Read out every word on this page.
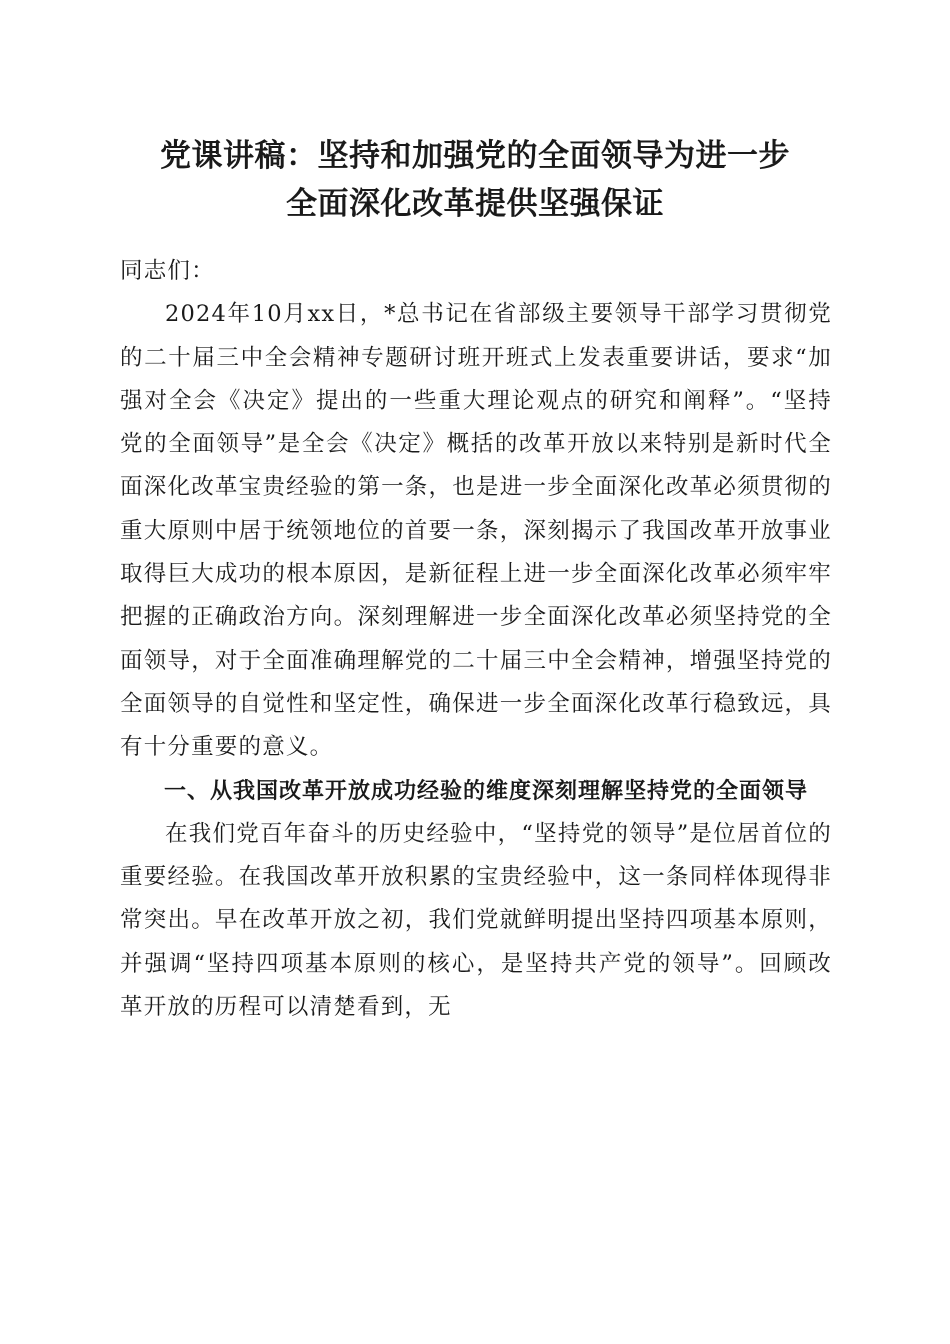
党课讲稿：坚持和加强党的全面领导为进一步
全面深化改革提供坚强保证

同志们：

2024年10月xx日，*总书记在省部级主要领导干部学习贯彻党的二十届三中全会精神专题研讨班开班式上发表重要讲话，要求“加强对全会《决定》提出的一些重大理论观点的研究和阐释”。“坚持党的全面领导”是全会《决定》概括的改革开放以来特别是新时代全面深化改革宝贵经验的第一条，也是进一步全面深化改革必须贯彻的重大原则中居于统领地位的首要一条，深刻揭示了我国改革开放事业取得巨大成功的根本原因，是新征程上进一步全面深化改革必须牢牢把握的正确政治方向。深刻理解进一步全面深化改革必须坚持党的全面领导，对于全面准确理解党的二十届三中全会精神，增强坚持党的全面领导的自觉性和坚定性，确保进一步全面深化改革行稳致远，具有十分重要的意义。

一、从我国改革开放成功经验的维度深刻理解坚持党的全面领导

在我们党百年奋斗的历史经验中，“坚持党的领导”是位居首位的重要经验。在我国改革开放积累的宝贵经验中，这一条同样体现得非常突出。早在改革开放之初，我们党就鲜明提出坚持四项基本原则，并强调“坚持四项基本原则的核心，是坚持共产党的领导”。回顾改革开放的历程可以清楚看到，无
